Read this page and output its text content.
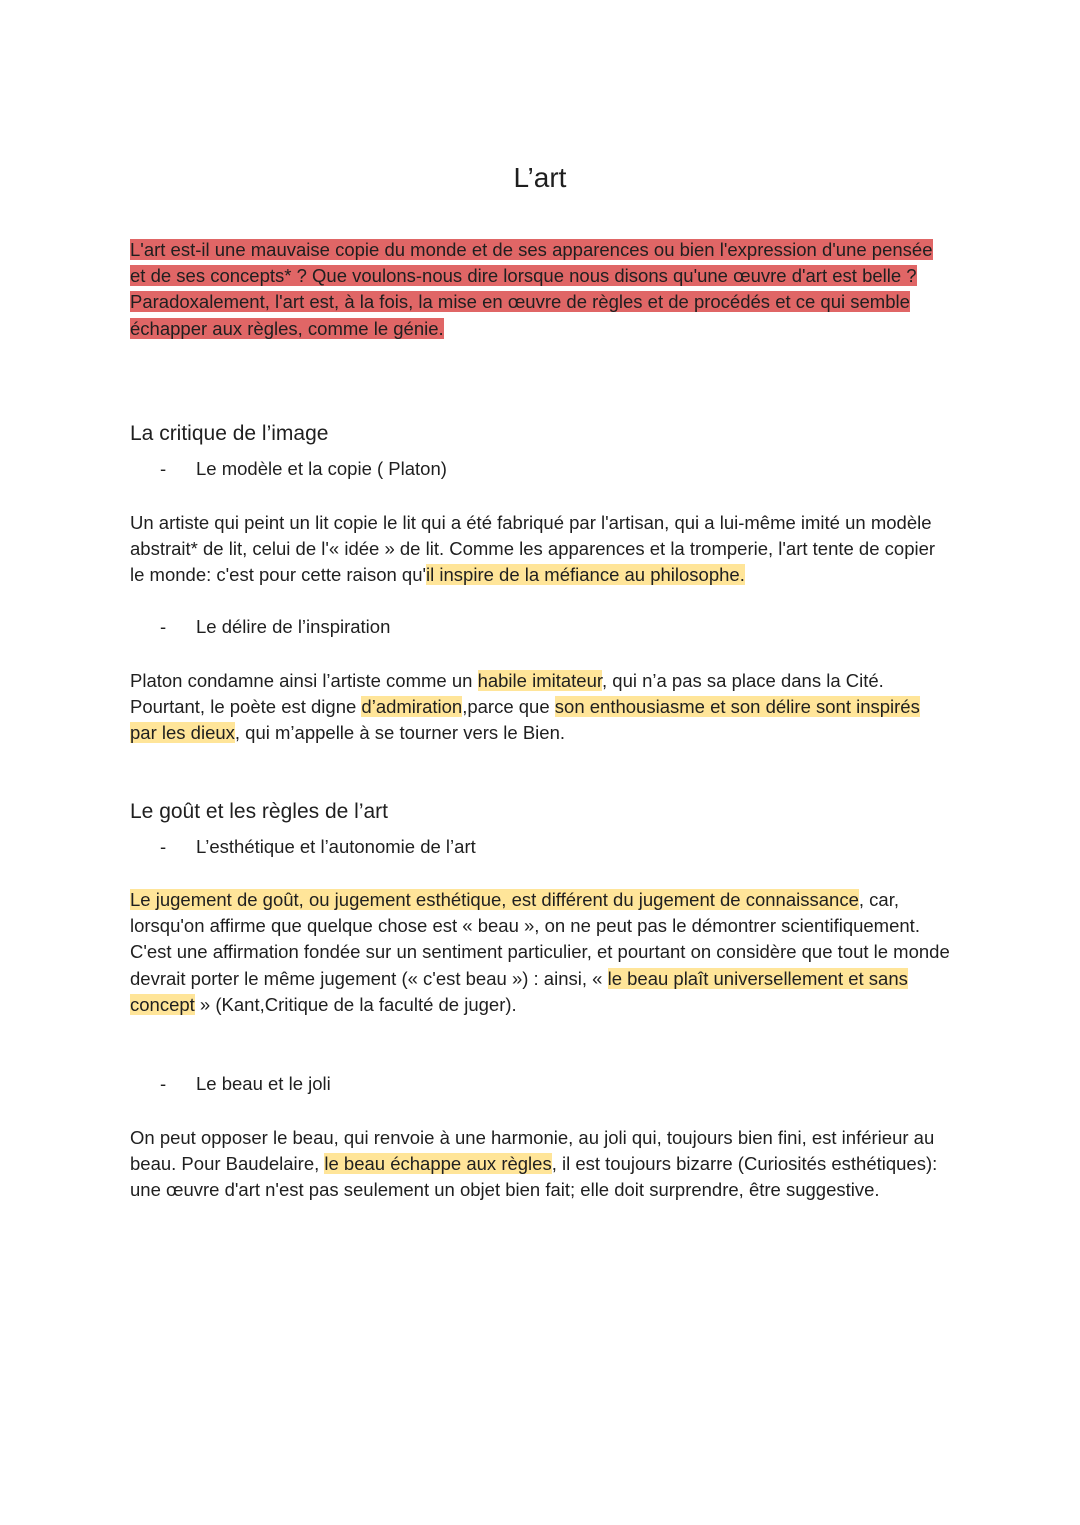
L’art
L'art est-il une mauvaise copie du monde et de ses apparences ou bien l'expression d'une pensée et de ses concepts* ? Que voulons-nous dire lorsque nous disons qu'une œuvre d'art est belle ?
Paradoxalement, l'art est, à la fois, la mise en œuvre de règles et de procédés et ce qui semble échapper aux règles, comme le génie.
La critique de l’image
- Le modèle et la copie ( Platon)
Un artiste qui peint un lit copie le lit qui a été fabriqué par l'artisan, qui a lui-même imité un modèle abstrait* de lit, celui de l'« idée » de lit. Comme les apparences et la tromperie, l'art tente de copier le monde: c'est pour cette raison qu'il inspire de la méfiance au philosophe.
- Le délire de l’inspiration
Platon condamne ainsi l’artiste comme un habile imitateur, qui n’a pas sa place dans la Cité. Pourtant, le poète est digne d’admiration,parce que son enthousiasme et son délire sont inspirés par les dieux, qui m’appelle à se tourner vers le Bien.
Le goût et les règles de l’art
- L’esthétique et l’autonomie de l’art
Le jugement de goût, ou jugement esthétique, est différent du jugement de connaissance, car, lorsqu'on affirme que quelque chose est « beau », on ne peut pas le démontrer scientifiquement. C'est une affirmation fondée sur un sentiment particulier, et pourtant on considère que tout le monde devrait porter le même jugement (« c'est beau ») : ainsi, « le beau plaît universellement et sans concept » (Kant,Critique de la faculté de juger).
- Le beau et le joli
On peut opposer le beau, qui renvoie à une harmonie, au joli qui, toujours bien fini, est inférieur au beau. Pour Baudelaire, le beau échappe aux règles, il est toujours bizarre (Curiosités esthétiques): une œuvre d'art n'est pas seulement un objet bien fait; elle doit surprendre, être suggestive.
